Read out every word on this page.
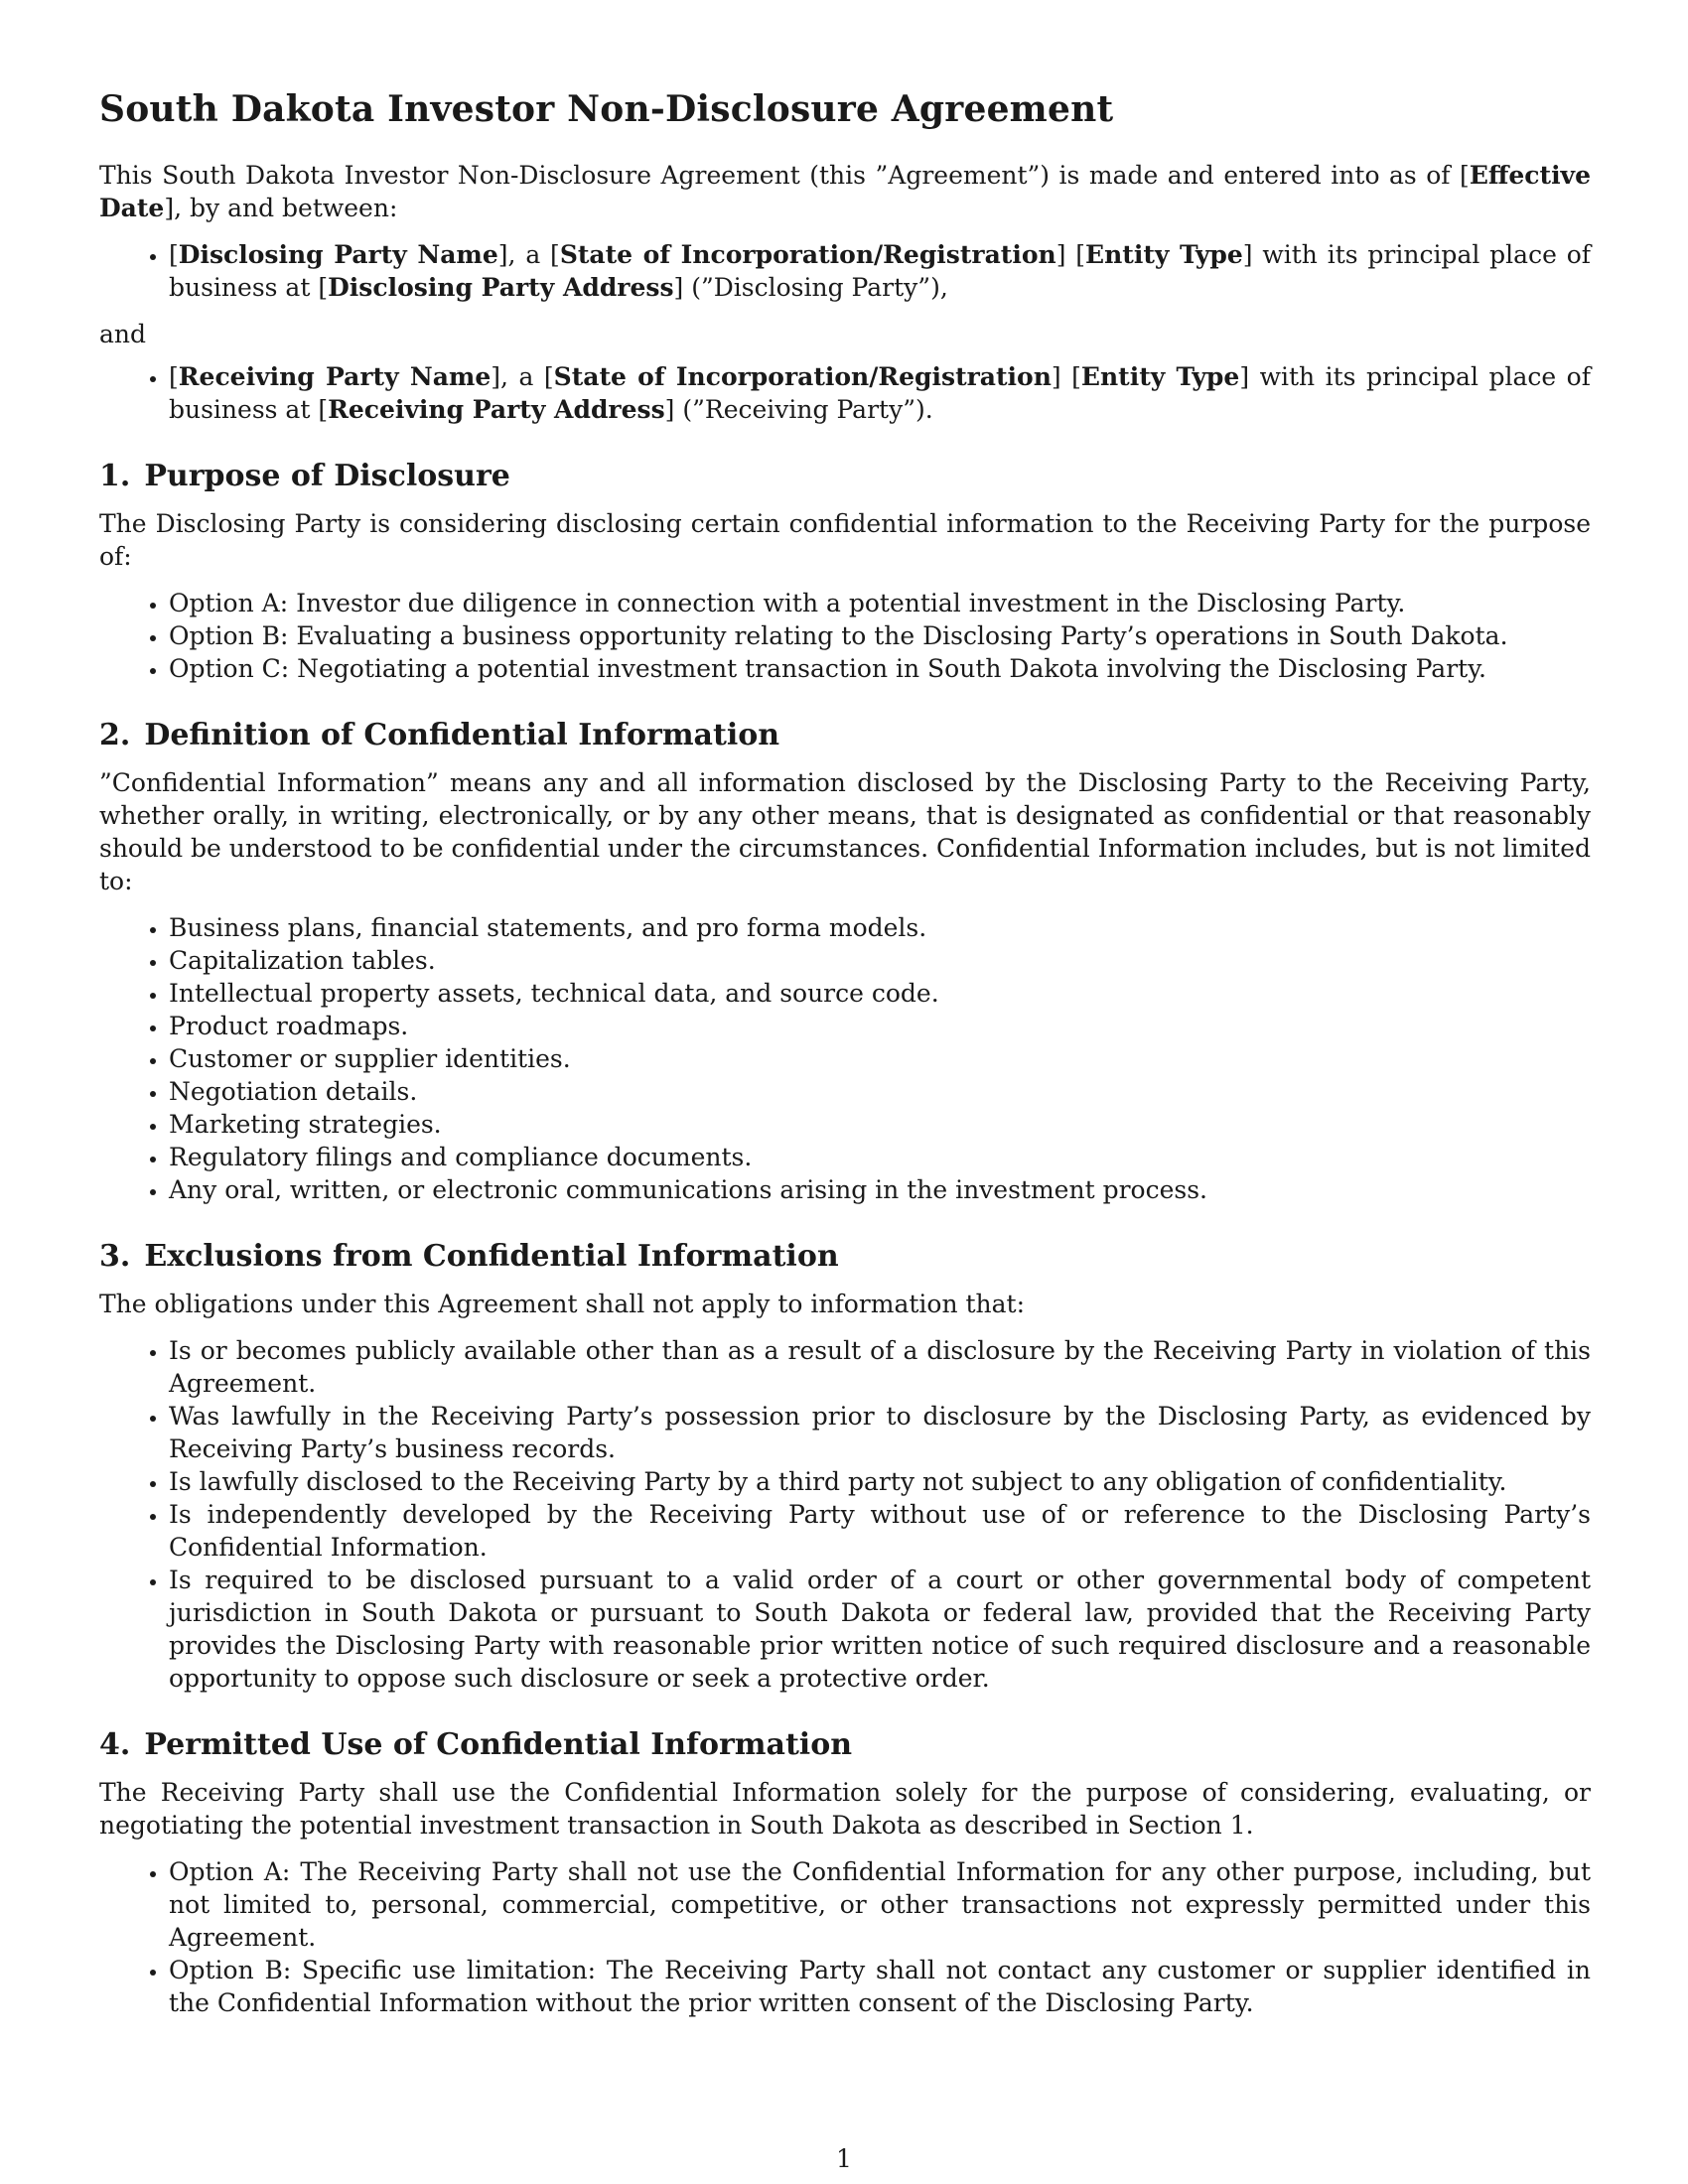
South Dakota Investor Non-Disclosure Agreement

This South Dakota Investor Non-Disclosure Agreement (this ”Agreement”) is made and entered into as of [Effective Date], by and between:

• [Disclosing Party Name], a [State of Incorporation/Registration] [Entity Type] with its principal place of business at [Disclosing Party Address] (”Disclosing Party”),
and
• [Receiving Party Name], a [State of Incorporation/Registration] [Entity Type] with its principal place of business at [Receiving Party Address] (”Receiving Party”).
1. Purpose of Disclosure

The Disclosing Party is considering disclosing certain confidential information to the Receiving Party for the purpose of:

• Option A: Investor due diligence in connection with a potential investment in the Disclosing Party.
• Option B: Evaluating a business opportunity relating to the Disclosing Party’s operations in South Dakota.
• Option C: Negotiating a potential investment transaction in South Dakota involving the Disclosing Party.
2. Definition of Confidential Information

”Confidential Information” means any and all information disclosed by the Disclosing Party to the Receiving Party, whether orally, in writing, electronically, or by any other means, that is designated as confidential or that reasonably should be understood to be confidential under the circumstances. Confidential Information includes, but is not limited to:

• Business plans, financial statements, and pro forma models.
• Capitalization tables.
• Intellectual property assets, technical data, and source code.
• Product roadmaps.
• Customer or supplier identities.
• Negotiation details.
• Marketing strategies.
• Regulatory filings and compliance documents.
• Any oral, written, or electronic communications arising in the investment process.
3. Exclusions from Confidential Information

The obligations under this Agreement shall not apply to information that:

• Is or becomes publicly available other than as a result of a disclosure by the Receiving Party in violation of this Agreement.
• Was lawfully in the Receiving Party’s possession prior to disclosure by the Disclosing Party, as evidenced by Receiving Party’s business records.
• Is lawfully disclosed to the Receiving Party by a third party not subject to any obligation of confidentiality.
• Is independently developed by the Receiving Party without use of or reference to the Disclosing Party’s Confidential Information.
• Is required to be disclosed pursuant to a valid order of a court or other governmental body of competent jurisdiction in South Dakota or pursuant to South Dakota or federal law, provided that the Receiving Party provides the Disclosing Party with reasonable prior written notice of such required disclosure and a reasonable opportunity to oppose such disclosure or seek a protective order.
4. Permitted Use of Confidential Information

The Receiving Party shall use the Confidential Information solely for the purpose of considering, evaluating, or negotiating the potential investment transaction in South Dakota as described in Section 1.

• Option A: The Receiving Party shall not use the Confidential Information for any other purpose, including, but not limited to, personal, commercial, competitive, or other transactions not expressly permitted under this Agreement.
• Option B: Specific use limitation: The Receiving Party shall not contact any customer or supplier identified in the Confidential Information without the prior written consent of the Disclosing Party.
1
